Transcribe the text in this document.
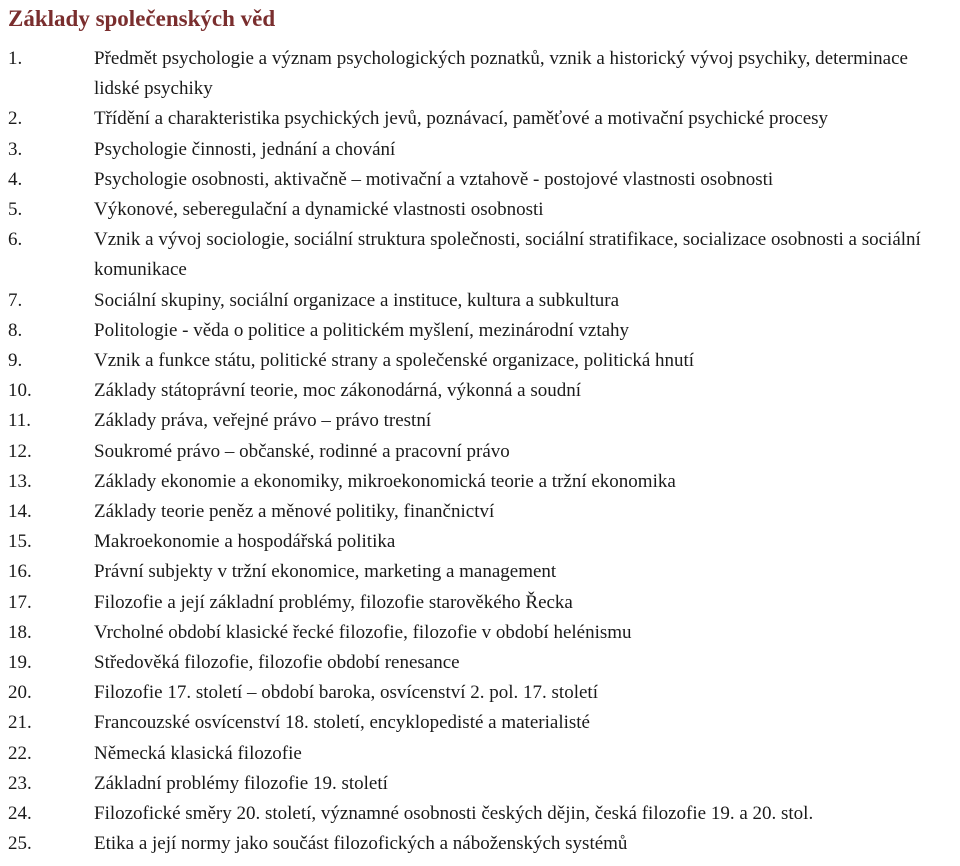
Základy společenských věd
1.	Předmět psychologie a význam psychologických poznatků, vznik a historický vývoj psychiky, determinace lidské psychiky
2.	Třídění a charakteristika psychických jevů, poznávací, paměťové a motivační psychické procesy
3.	Psychologie činnosti, jednání a chování
4.	Psychologie osobnosti, aktivačně – motivační a vztahově - postojové vlastnosti osobnosti
5.	Výkonové, seberegulační a dynamické vlastnosti osobnosti
6.	Vznik a vývoj sociologie, sociální struktura společnosti, sociální stratifikace, socializace osobnosti a sociální komunikace
7.	Sociální skupiny, sociální organizace a instituce, kultura a subkultura
8.	Politologie - věda o politice a politickém myšlení, mezinárodní vztahy
9.	Vznik a funkce státu, politické strany a společenské organizace, politická hnutí
10.	Základy státoprávní teorie, moc zákonodárná, výkonná a soudní
11.	Základy práva, veřejné právo – právo trestní
12.	Soukromé právo – občanské, rodinné a pracovní právo
13.	Základy ekonomie a ekonomiky, mikroekonomická teorie a tržní ekonomika
14.	Základy teorie peněz a měnové politiky, finančnictví
15.	Makroekonomie a hospodářská politika
16.	Právní subjekty v tržní ekonomice, marketing a management
17.	Filozofie a její základní problémy, filozofie starověkého Řecka
18.	Vrcholné období klasické řecké filozofie, filozofie v období helénismu
19.	Středověká filozofie, filozofie období renesance
20.	Filozofie 17. století – období baroka, osvícenství 2. pol. 17. století
21.	Francouzské osvícenství 18. století, encyklopedisté a materialisté
22.	Německá klasická filozofie
23.	Základní problémy filozofie 19. století
24.	Filozofické směry 20. století, významné osobnosti českých dějin, česká filozofie 19. a 20. stol.
25.	Etika a její normy jako součást filozofických a náboženských systémů
